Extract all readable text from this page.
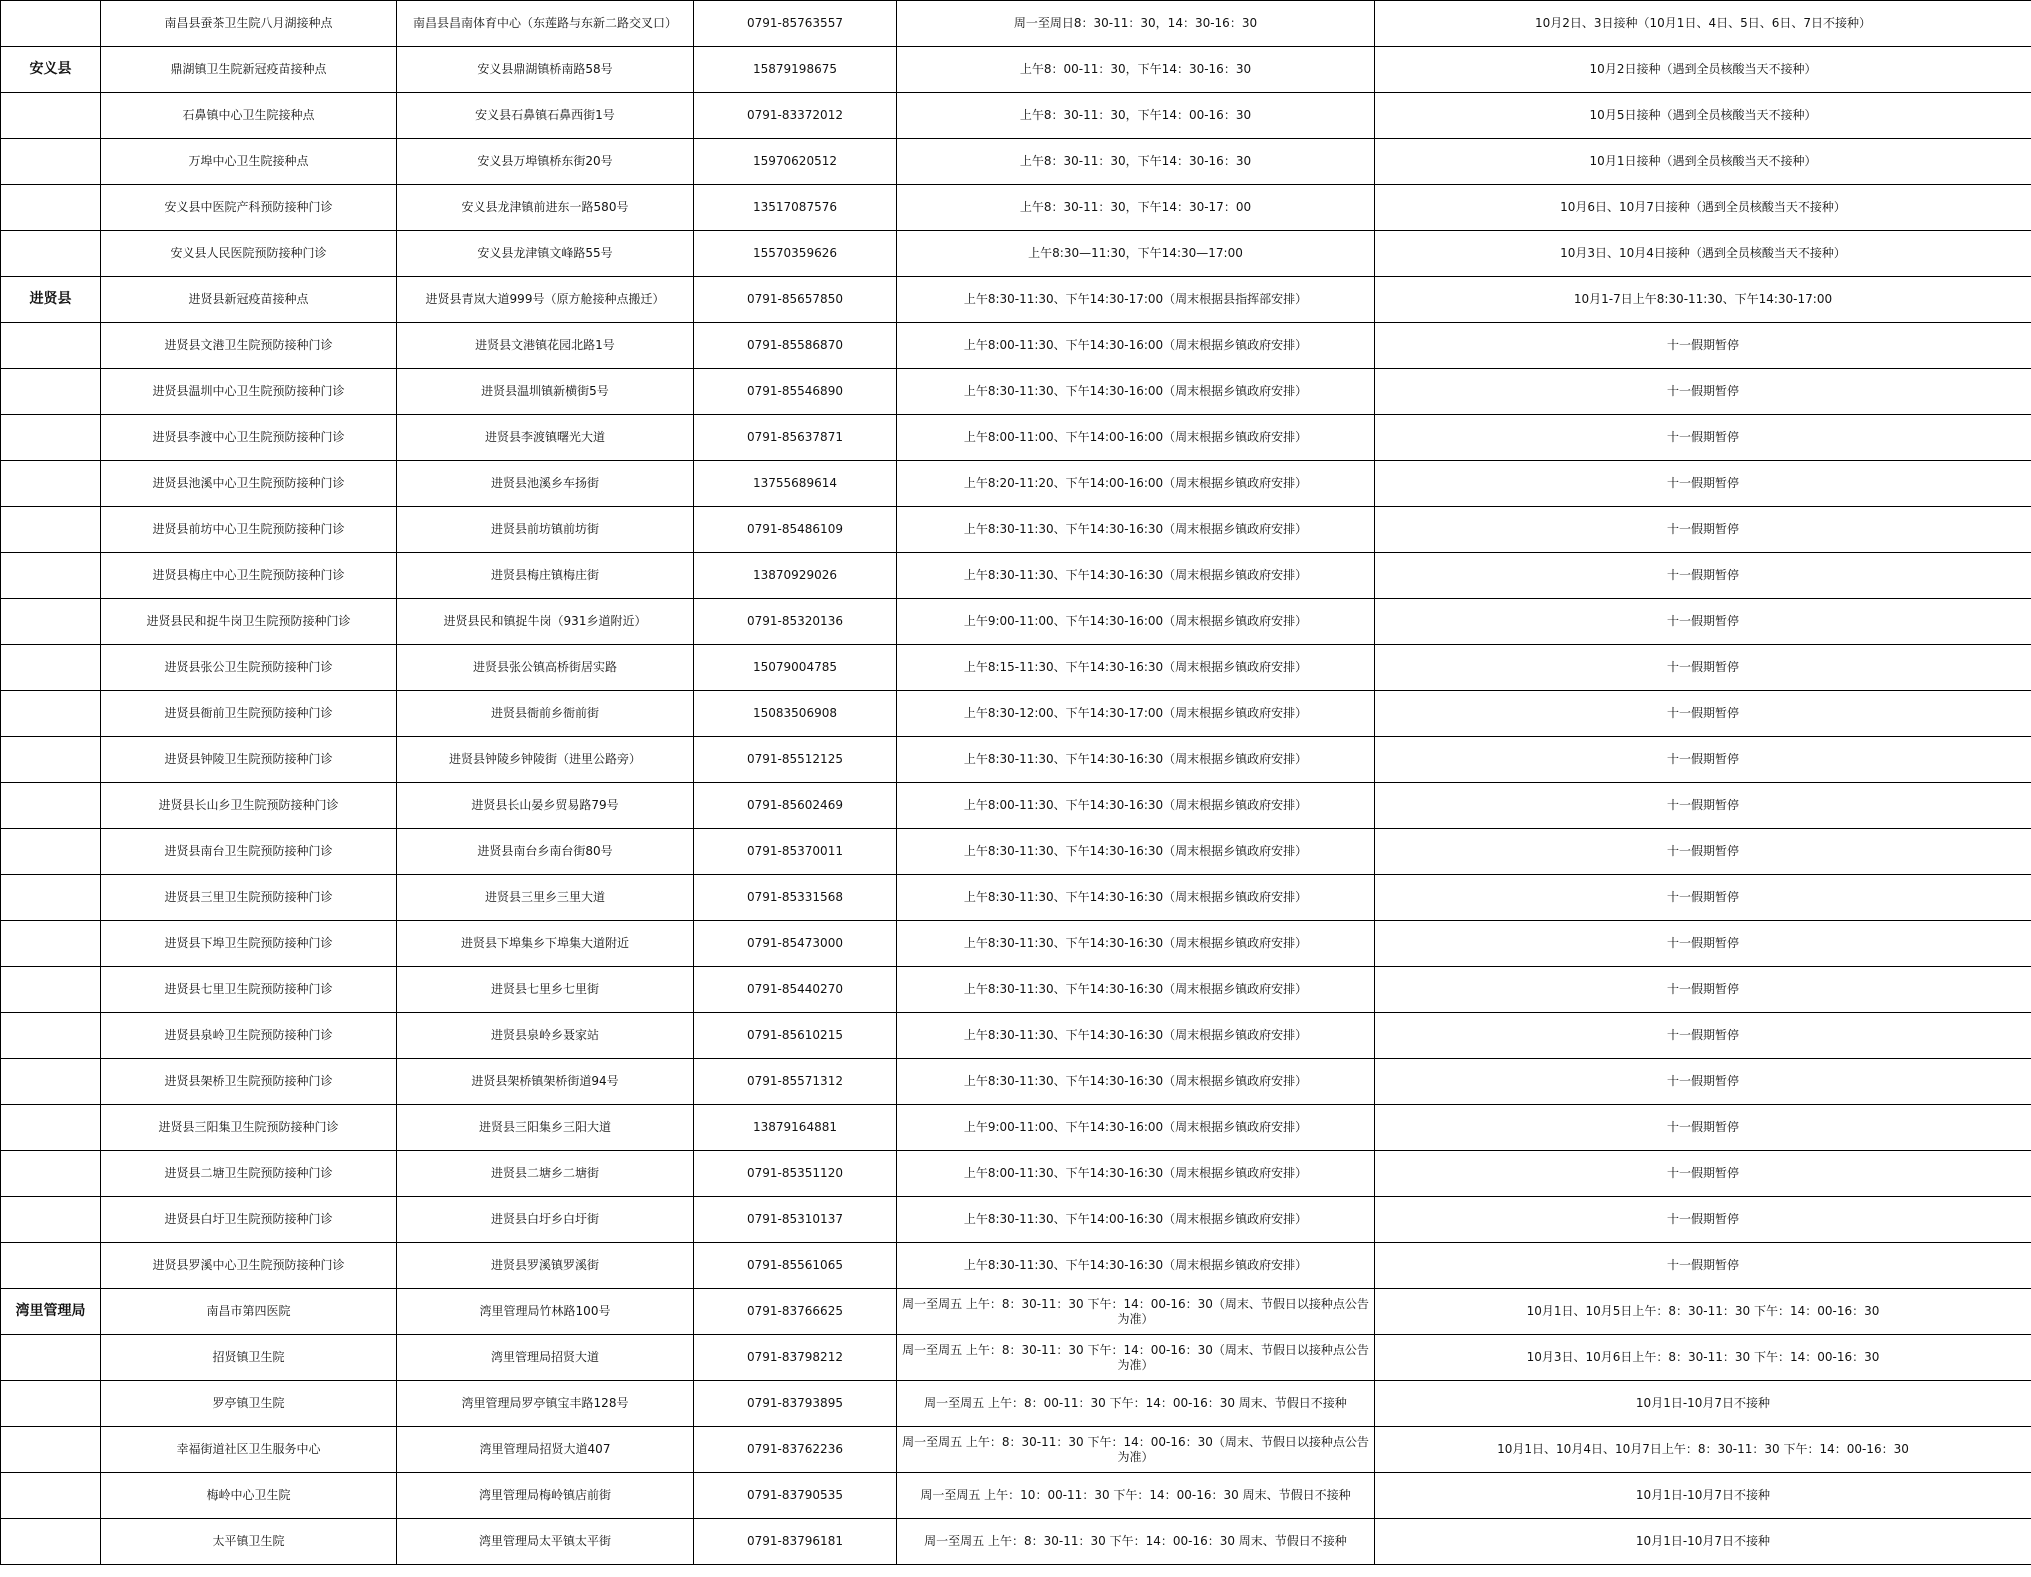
	南昌县蚕茶卫生院八月湖接种点	南昌县昌南体育中心（东莲路与东新二路交叉口）	0791-85763557	周一至周日8：30-11：30，14：30-16：30	10月2日、3日接种（10月1日、4日、5日、6日、7日不接种）
安义县	鼎湖镇卫生院新冠疫苗接种点	安义县鼎湖镇桥南路58号	15879198675	上午8：00-11：30，下午14：30-16：30	10月2日接种（遇到全员核酸当天不接种）
	石鼻镇中心卫生院接种点	安义县石鼻镇石鼻西街1号	0791-83372012	上午8：30-11：30，下午14：00-16：30	10月5日接种（遇到全员核酸当天不接种）
	万埠中心卫生院接种点	安义县万埠镇桥东街20号	15970620512	上午8：30-11：30，下午14：30-16：30	10月1日接种（遇到全员核酸当天不接种）
	安义县中医院产科预防接种门诊	安义县龙津镇前进东一路580号	13517087576	上午8：30-11：30，下午14：30-17：00	10月6日、10月7日接种（遇到全员核酸当天不接种）
	安义县人民医院预防接种门诊	安义县龙津镇文峰路55号	15570359626	上午8:30—11:30，下午14:30—17:00	10月3日、10月4日接种（遇到全员核酸当天不接种）
进贤县	进贤县新冠疫苗接种点	进贤县青岚大道999号（原方舱接种点搬迁）	0791-85657850	上午8:30-11:30、下午14:30-17:00（周末根据县指挥部安排）	10月1-7日上午8:30-11:30、下午14:30-17:00
	进贤县文港卫生院预防接种门诊	进贤县文港镇花园北路1号	0791-85586870	上午8:00-11:30、下午14:30-16:00（周末根据乡镇政府安排）	十一假期暂停
	进贤县温圳中心卫生院预防接种门诊	进贤县温圳镇新横街5号	0791-85546890	上午8:30-11:30、下午14:30-16:00（周末根据乡镇政府安排）	十一假期暂停
	进贤县李渡中心卫生院预防接种门诊	进贤县李渡镇曙光大道	0791-85637871	上午8:00-11:00、下午14:00-16:00（周末根据乡镇政府安排）	十一假期暂停
	进贤县池溪中心卫生院预防接种门诊	进贤县池溪乡车扬街	13755689614	上午8:20-11:20、下午14:00-16:00（周末根据乡镇政府安排）	十一假期暂停
	进贤县前坊中心卫生院预防接种门诊	进贤县前坊镇前坊街	0791-85486109	上午8:30-11:30、下午14:30-16:30（周末根据乡镇政府安排）	十一假期暂停
	进贤县梅庄中心卫生院预防接种门诊	进贤县梅庄镇梅庄街	13870929026	上午8:30-11:30、下午14:30-16:30（周末根据乡镇政府安排）	十一假期暂停
	进贤县民和捉牛岗卫生院预防接种门诊	进贤县民和镇捉牛岗（931乡道附近）	0791-85320136	上午9:00-11:00、下午14:30-16:00（周末根据乡镇政府安排）	十一假期暂停
	进贤县张公卫生院预防接种门诊	进贤县张公镇高桥街居实路	15079004785	上午8:15-11:30、下午14:30-16:30（周末根据乡镇政府安排）	十一假期暂停
	进贤县衙前卫生院预防接种门诊	进贤县衙前乡衙前街	15083506908	上午8:30-12:00、下午14:30-17:00（周末根据乡镇政府安排）	十一假期暂停
	进贤县钟陵卫生院预防接种门诊	进贤县钟陵乡钟陵街（进里公路旁）	0791-85512125	上午8:30-11:30、下午14:30-16:30（周末根据乡镇政府安排）	十一假期暂停
	进贤县长山乡卫生院预防接种门诊	进贤县长山晏乡贸易路79号	0791-85602469	上午8:00-11:30、下午14:30-16:30（周末根据乡镇政府安排）	十一假期暂停
	进贤县南台卫生院预防接种门诊	进贤县南台乡南台街80号	0791-85370011	上午8:30-11:30、下午14:30-16:30（周末根据乡镇政府安排）	十一假期暂停
	进贤县三里卫生院预防接种门诊	进贤县三里乡三里大道	0791-85331568	上午8:30-11:30、下午14:30-16:30（周末根据乡镇政府安排）	十一假期暂停
	进贤县下埠卫生院预防接种门诊	进贤县下埠集乡下埠集大道附近	0791-85473000	上午8:30-11:30、下午14:30-16:30（周末根据乡镇政府安排）	十一假期暂停
	进贤县七里卫生院预防接种门诊	进贤县七里乡七里街	0791-85440270	上午8:30-11:30、下午14:30-16:30（周末根据乡镇政府安排）	十一假期暂停
	进贤县泉岭卫生院预防接种门诊	进贤县泉岭乡聂家站	0791-85610215	上午8:30-11:30、下午14:30-16:30（周末根据乡镇政府安排）	十一假期暂停
	进贤县架桥卫生院预防接种门诊	进贤县架桥镇架桥街道94号	0791-85571312	上午8:30-11:30、下午14:30-16:30（周末根据乡镇政府安排）	十一假期暂停
	进贤县三阳集卫生院预防接种门诊	进贤县三阳集乡三阳大道	13879164881	上午9:00-11:00、下午14:30-16:00（周末根据乡镇政府安排）	十一假期暂停
	进贤县二塘卫生院预防接种门诊	进贤县二塘乡二塘街	0791-85351120	上午8:00-11:30、下午14:30-16:30（周末根据乡镇政府安排）	十一假期暂停
	进贤县白圩卫生院预防接种门诊	进贤县白圩乡白圩街	0791-85310137	上午8:30-11:30、下午14:00-16:30（周末根据乡镇政府安排）	十一假期暂停
	进贤县罗溪中心卫生院预防接种门诊	进贤县罗溪镇罗溪街	0791-85561065	上午8:30-11:30、下午14:30-16:30（周末根据乡镇政府安排）	十一假期暂停
湾里管理局	南昌市第四医院	湾里管理局竹林路100号	0791-83766625	周一至周五 上午：8：30-11：30 下午：14：00-16：30（周末、节假日以接种点公告为准）	10月1日、10月5日上午：8：30-11：30 下午：14：00-16：30
	招贤镇卫生院	湾里管理局招贤大道	0791-83798212	周一至周五 上午：8：30-11：30 下午：14：00-16：30（周末、节假日以接种点公告为准）	10月3日、10月6日上午：8：30-11：30 下午：14：00-16：30
	罗亭镇卫生院	湾里管理局罗亭镇宝丰路128号	0791-83793895	周一至周五 上午：8：00-11：30 下午：14：00-16：30 周末、节假日不接种	10月1日-10月7日不接种
	幸福街道社区卫生服务中心	湾里管理局招贤大道407	0791-83762236	周一至周五 上午：8：30-11：30 下午：14：00-16：30（周末、节假日以接种点公告为准）	10月1日、10月4日、10月7日上午：8：30-11：30 下午：14：00-16：30
	梅岭中心卫生院	湾里管理局梅岭镇店前街	0791-83790535	周一至周五 上午：10：00-11：30 下午：14：00-16：30 周末、节假日不接种	10月1日-10月7日不接种
	太平镇卫生院	湾里管理局太平镇太平街	0791-83796181	周一至周五 上午：8：30-11：30 下午：14：00-16：30 周末、节假日不接种	10月1日-10月7日不接种
